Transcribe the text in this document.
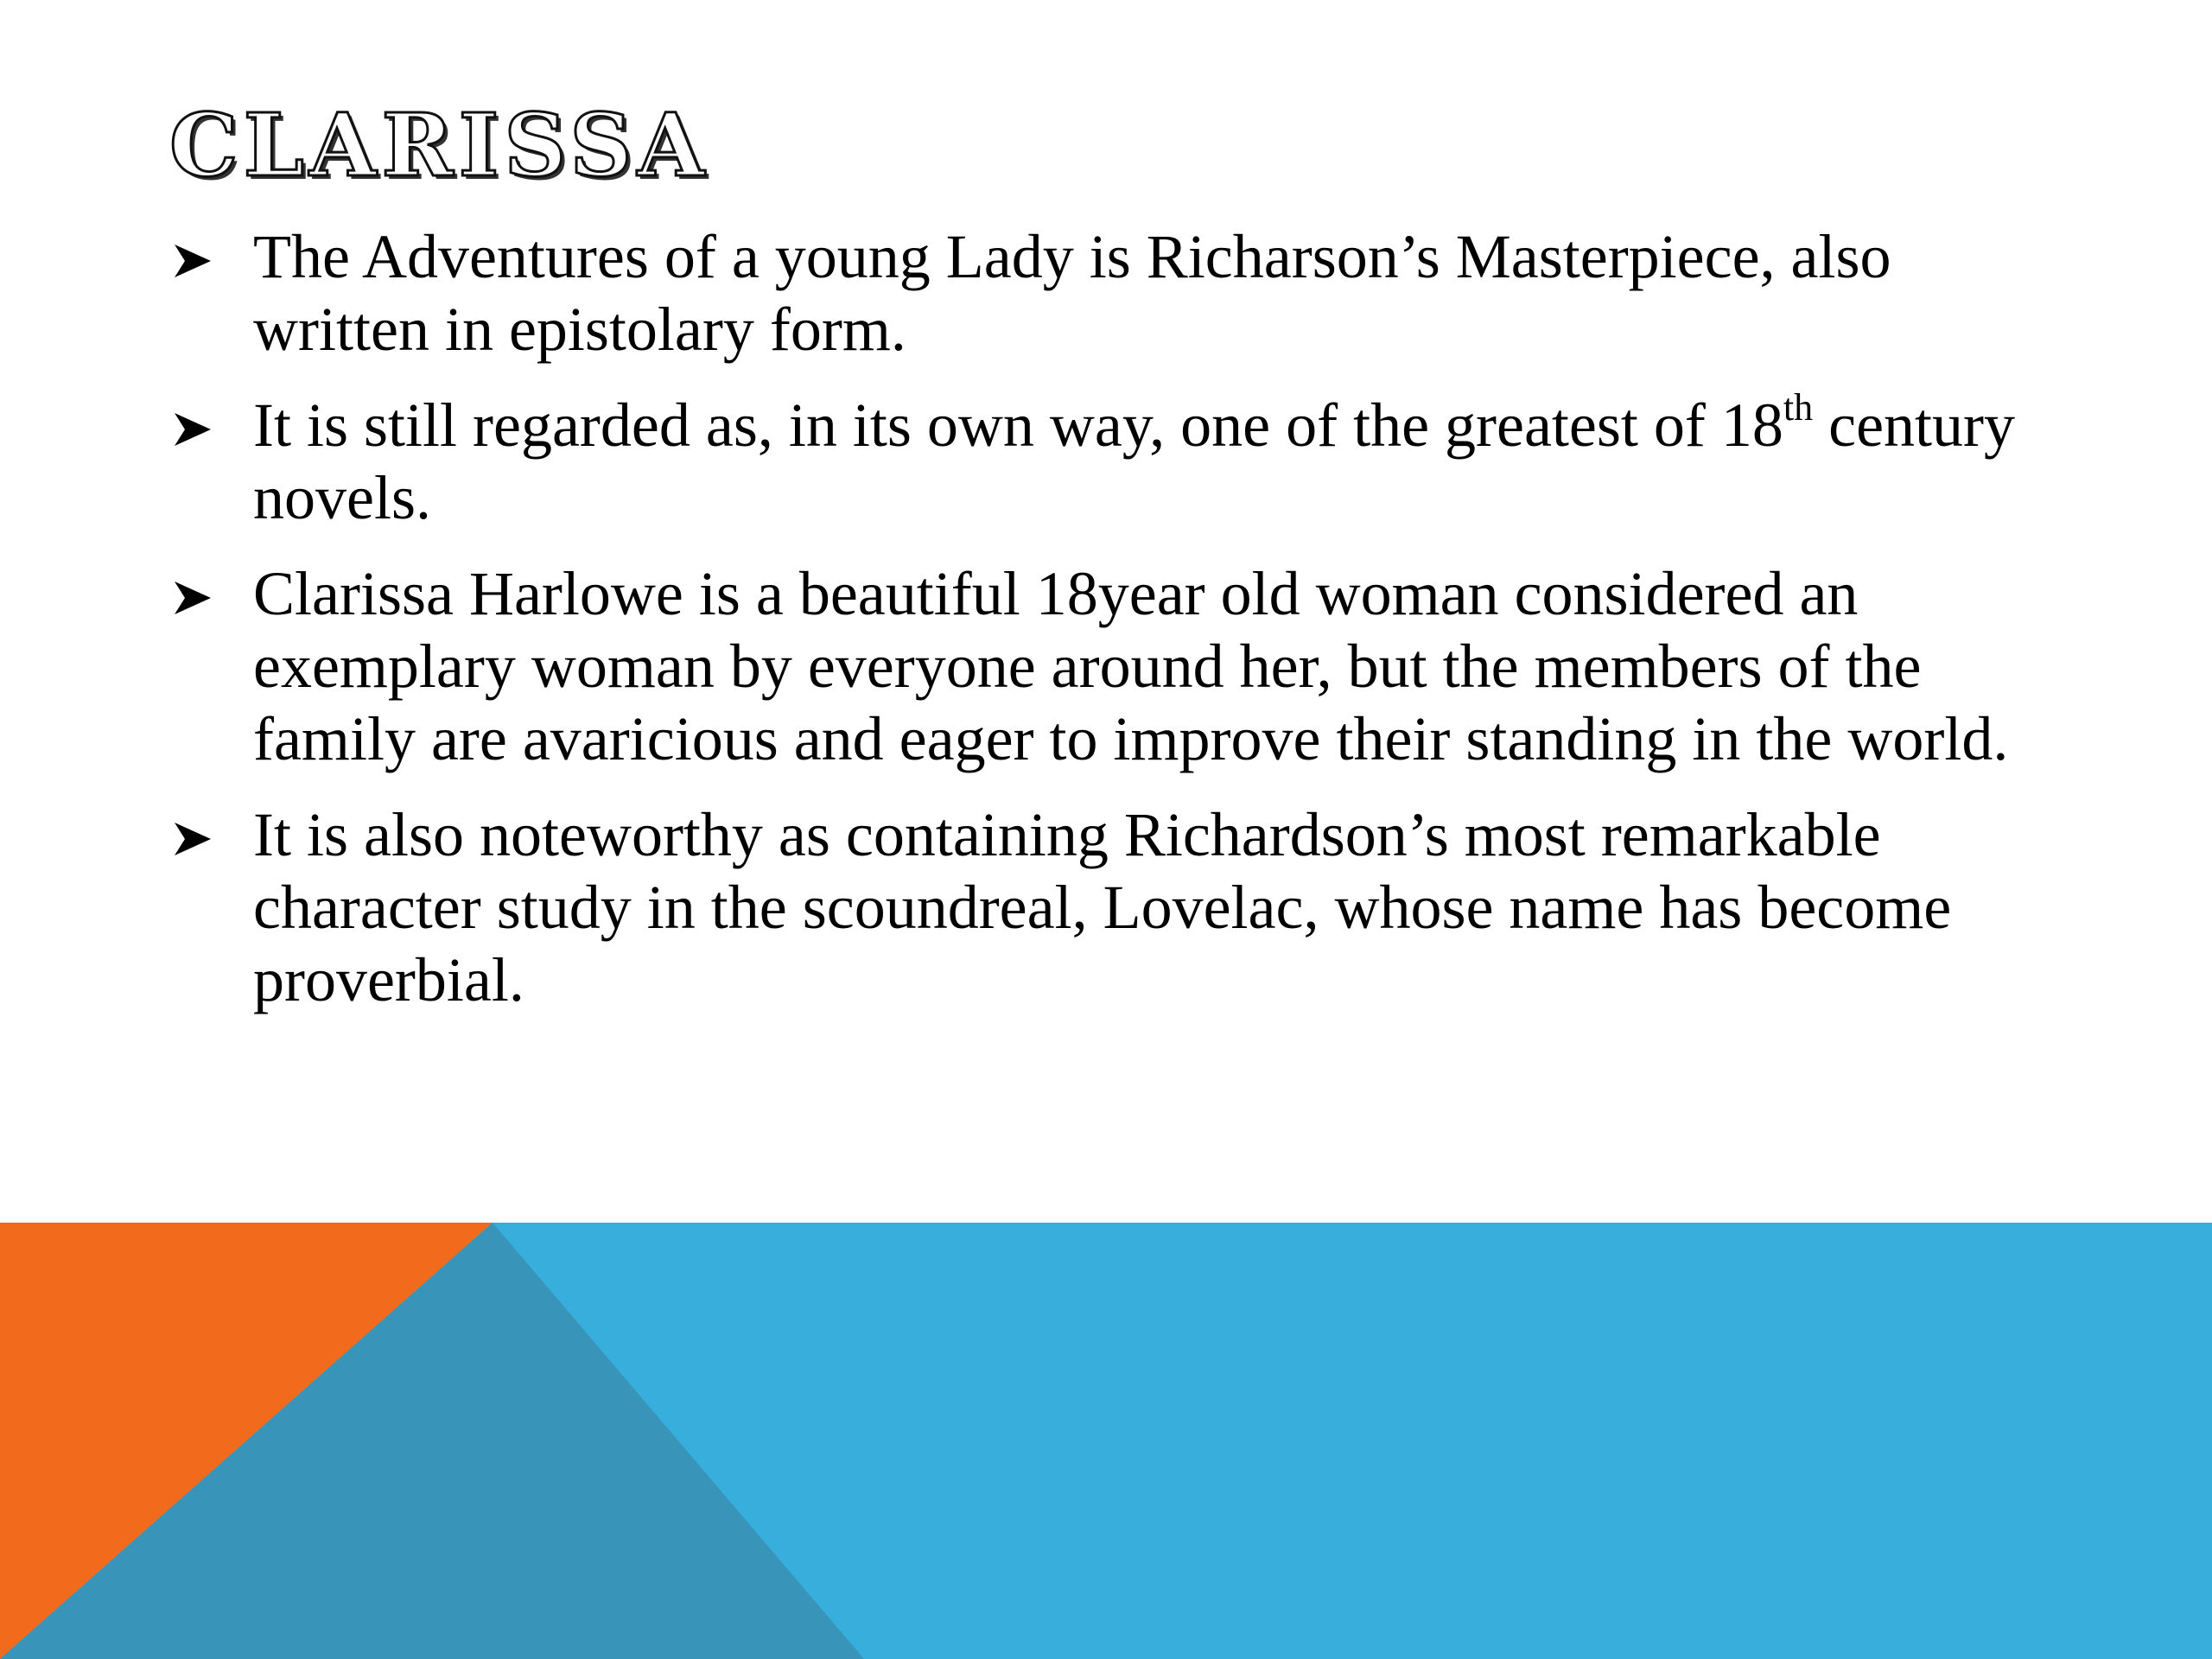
CLARISSA
The Adventures of a young Lady is Richarson’s Masterpiece, also written in epistolary form.
It is still regarded as, in its own way, one of the greatest of 18th century novels.
Clarissa Harlowe is a beautiful 18year old woman considered an exemplary woman by everyone around her, but the members of the family are avaricious and eager to improve their standing in the world.
It is also noteworthy as containing Richardson’s most remarkable character study in the scoundreal, Lovelac, whose name has become proverbial.
